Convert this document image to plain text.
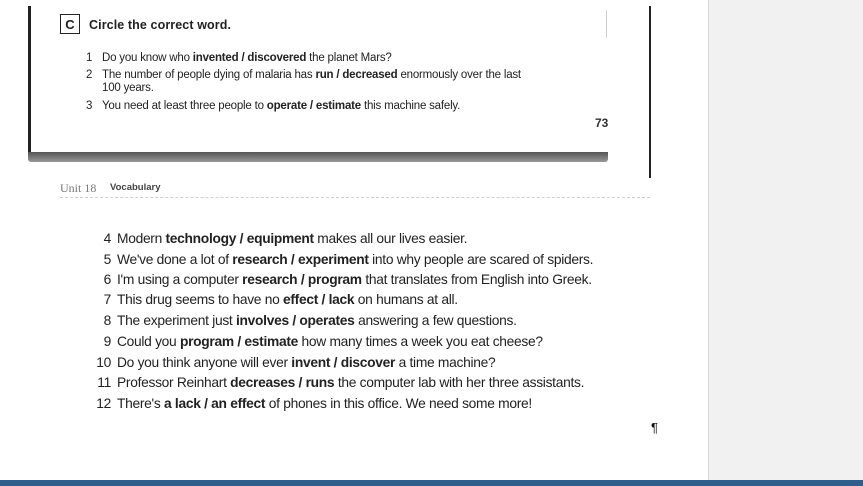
C	Circle the correct word.
1 Do you know who invented / discovered the planet Mars?
2 The number of people dying of malaria has run / decreased enormously over the last
100 years.
3 You need at least three people to operate / estimate this machine safely.
73
Unit 18 Vocabulary
4 Modern technology / equipment makes all our lives easier.
5 We've done a lot of research / experiment into why people are scared of spiders.
6 I'm using a computer research / program that translates from English into Greek.
7 This drug seems to have no effect / lack on humans at all.
8 The experiment just involves / operates answering a few questions.
9 Could you program / estimate how many times a week you eat cheese?
10 Do you think anyone will ever invent / discover a time machine?
11 Professor Reinhart decreases / runs the computer lab with her three assistants.
12 There's a lack / an effect of phones in this office. We need some more!
¶
